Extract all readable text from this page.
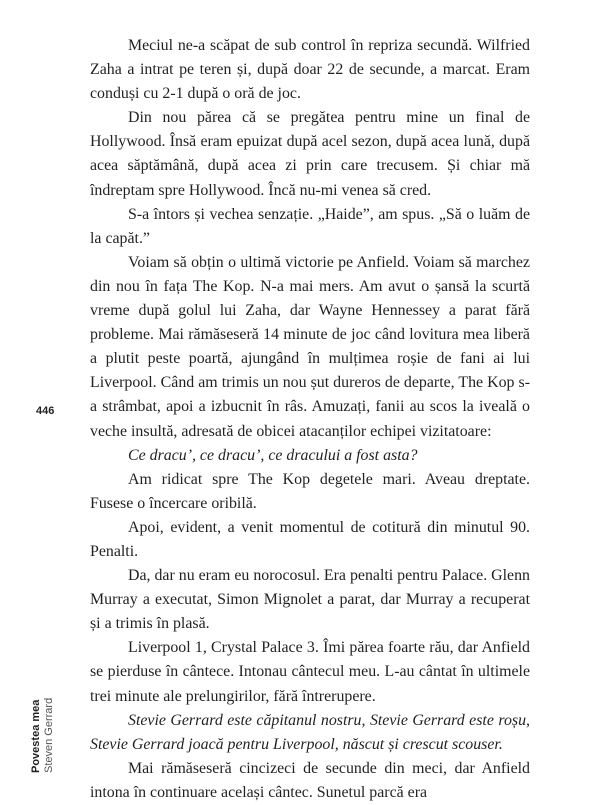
Meciul ne-a scăpat de sub control în repriza secundă. Wilfried Zaha a intrat pe teren și, după doar 22 de secunde, a marcat. Eram conduși cu 2-1 după o oră de joc.

Din nou părea că se pregătea pentru mine un final de Hollywood. Însă eram epuizat după acel sezon, după acea lună, după acea săptămână, după acea zi prin care trecusem. Și chiar mă îndreptam spre Hollywood. Încă nu-mi venea să cred.

S-a întors și vechea senzație. „Haide”, am spus. „Să o luăm de la capăt.”

Voiam să obțin o ultimă victorie pe Anfield. Voiam să marchez din nou în fața The Kop. N-a mai mers. Am avut o șansă la scurtă vreme după golul lui Zaha, dar Wayne Hennessey a parat fără probleme. Mai rămăseseră 14 minute de joc când lovitura mea liberă a plutit peste poartă, ajungând în mulțimea roșie de fani ai lui Liverpool. Când am trimis un nou șut dureros de departe, The Kop s-a strâmbat, apoi a izbucnit în râs. Amuzați, fanii au scos la iveală o veche insultă, adresată de obicei atacanților echipei vizitatoare:

Ce dracu’, ce dracu’, ce dracului a fost asta?

Am ridicat spre The Kop degetele mari. Aveau dreptate. Fusese o încercare oribilă.

Apoi, evident, a venit momentul de cotitură din minutul 90. Penalti.

Da, dar nu eram eu norocosul. Era penalti pentru Palace. Glenn Murray a executat, Simon Mignolet a parat, dar Murray a recuperat și a trimis în plasă.

Liverpool 1, Crystal Palace 3. Îmi părea foarte rău, dar Anfield se pierduse în cântece. Intonau cântecul meu. L-au cântat în ultimele trei minute ale prelungirilor, fără întrerupere.

Stevie Gerrard este căpitanul nostru, Stevie Gerrard este roșu, Stevie Gerrard joacă pentru Liverpool, născut și crescut scouser.

Mai rămăseseră cincizeci de secunde din meci, dar Anfield intona în continuare același cântec. Sunetul parcă era

446
Povestea mea Steven Gerrard
